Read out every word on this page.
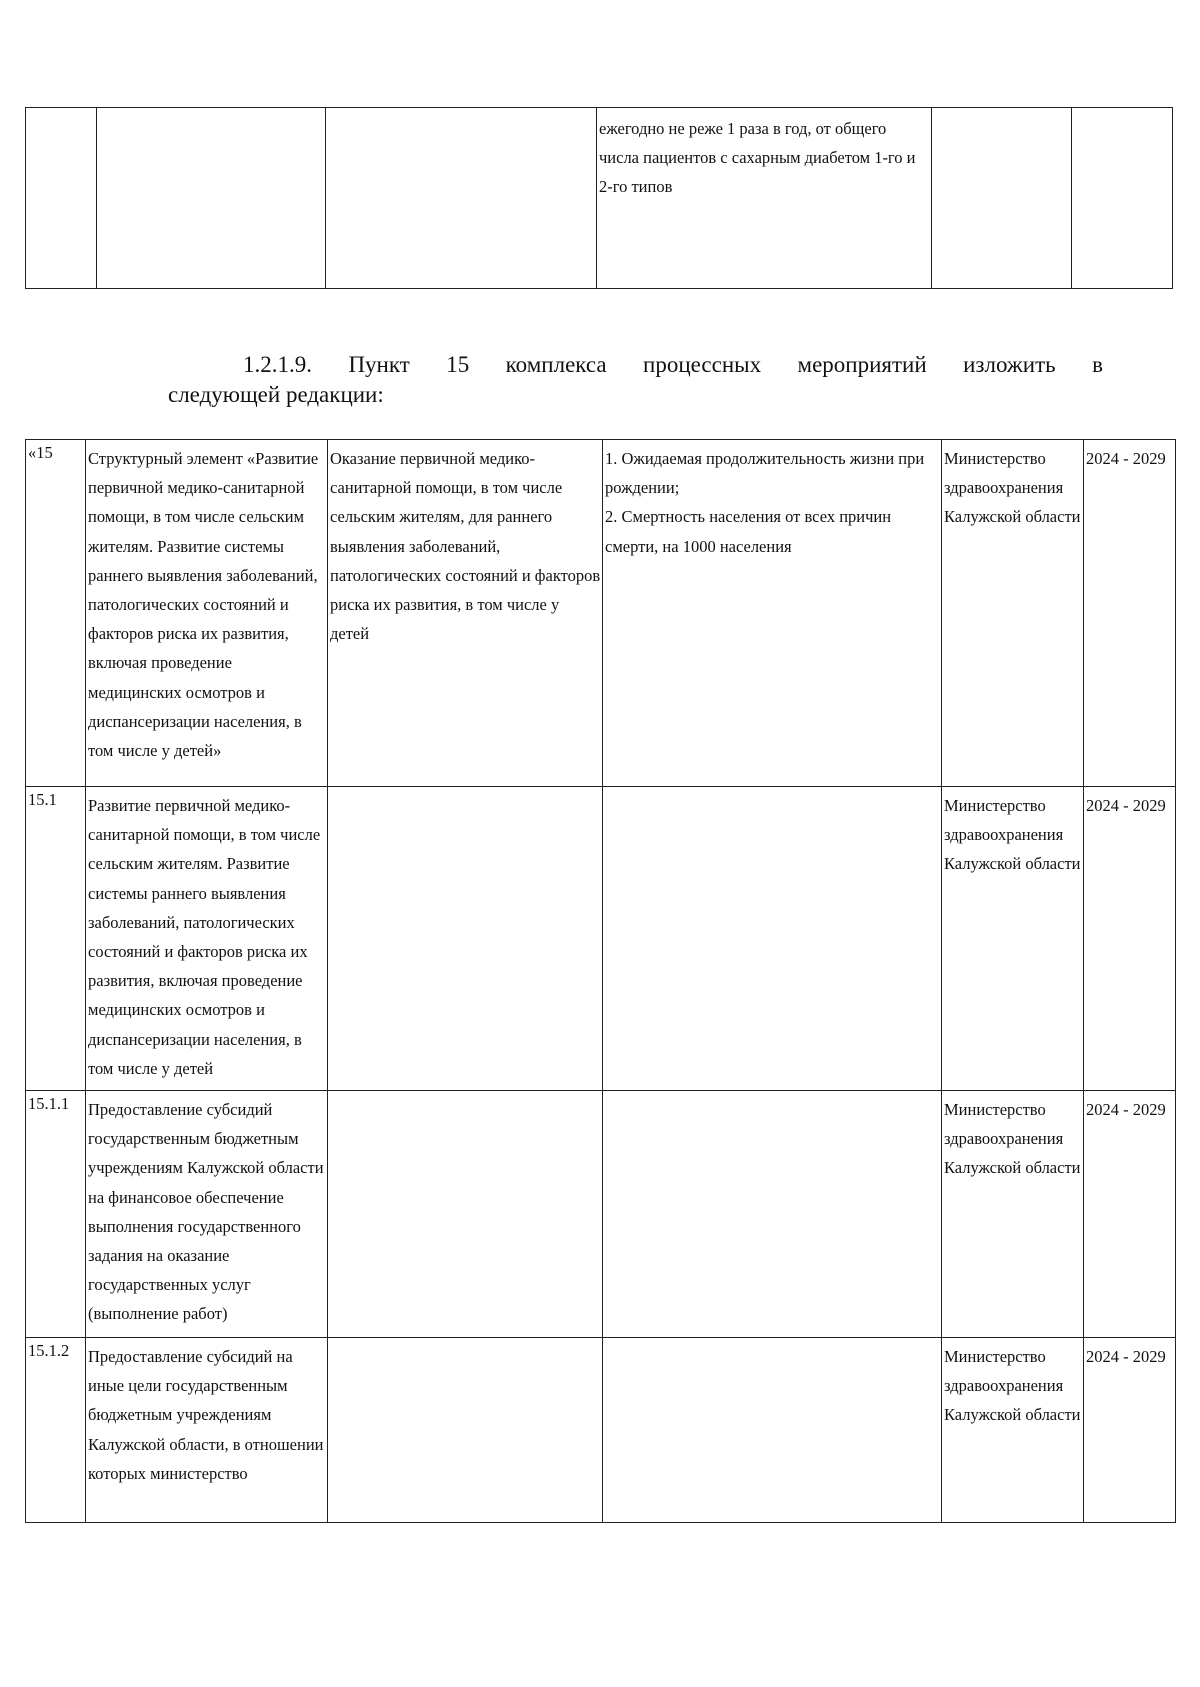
			ежегодно не реже 1 раза в год, от общего числа пациентов с сахарным диабетом 1-го и 2-го типов		
1.2.1.9. Пункт 15 комплекса процессных мероприятий изложить в
следующей редакции:
«15	Структурный элемент «Развитие первичной медико-санитарной помощи, в том числе сельским жителям. Развитие системы раннего выявления заболеваний, патологических состояний и факторов риска их развития, включая проведение медицинских осмотров и диспансеризации населения, в том числе у детей»	Оказание первичной медико-санитарной помощи, в том числе сельским жителям, для раннего выявления заболеваний, патологических состояний и факторов риска их развития, в том числе у детей	1. Ожидаемая продолжительность жизни при рождении;
2. Смертность населения от всех причин смерти, на 1000 населения	Министерство здравоохранения Калужской области	2024 - 2029
15.1	Развитие первичной медико-санитарной помощи, в том числе сельским жителям. Развитие системы раннего выявления заболеваний, патологических состояний и факторов риска их развития, включая проведение медицинских осмотров и диспансеризации населения, в том числе у детей			Министерство здравоохранения Калужской области	2024 - 2029
15.1.1	Предоставление субсидий государственным бюджетным учреждениям Калужской области на финансовое обеспечение выполнения государственного задания на оказание государственных услуг (выполнение работ)			Министерство здравоохранения Калужской области	2024 - 2029
15.1.2	Предоставление субсидий на иные цели государственным бюджетным учреждениям Калужской области, в отношении которых министерство			Министерство здравоохранения Калужской области	2024 - 2029
